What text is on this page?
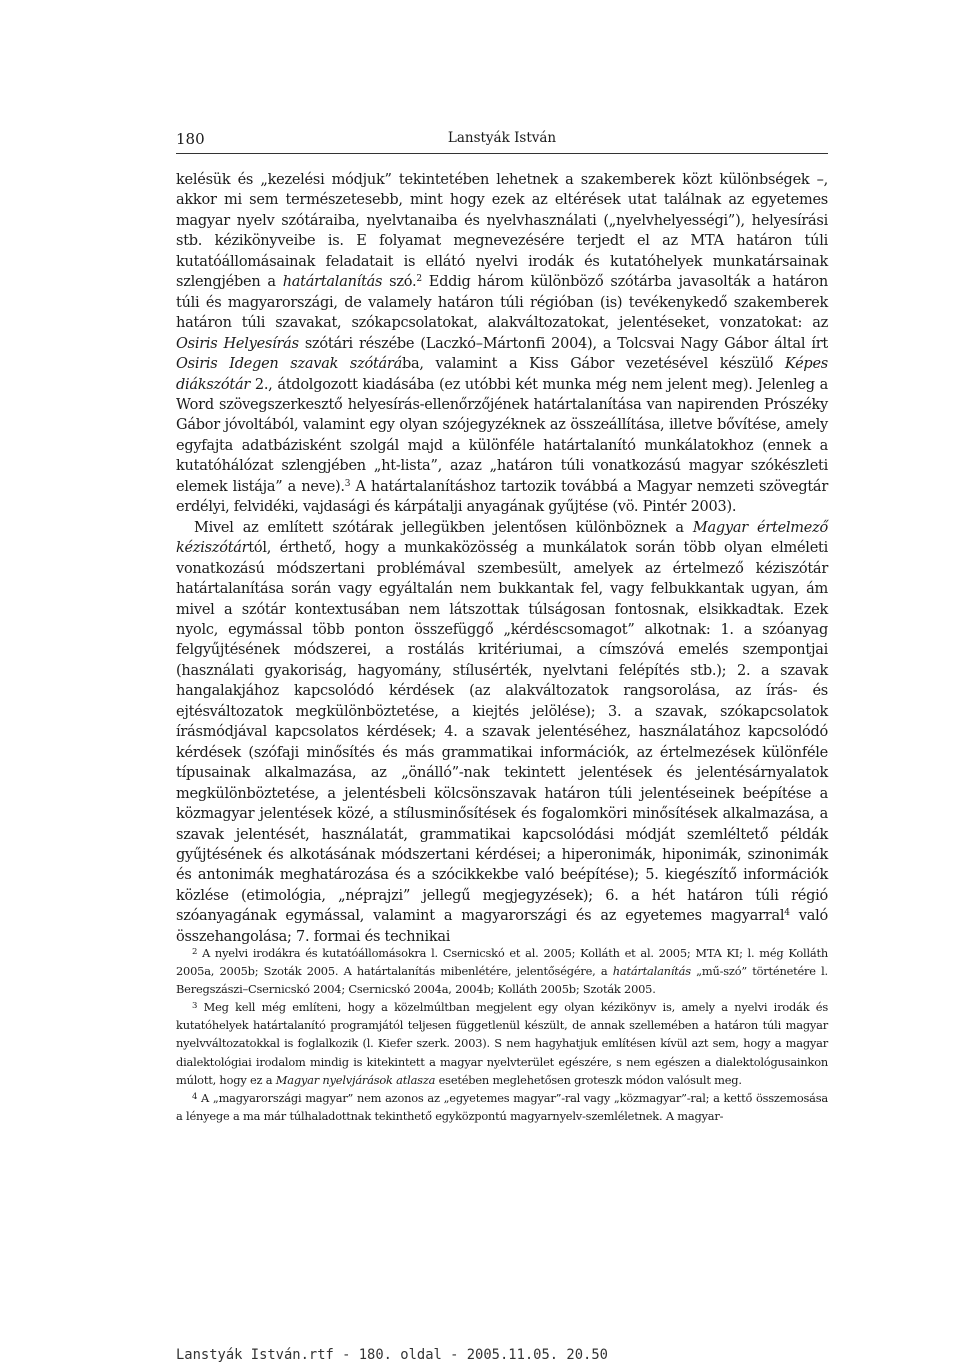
180	Lanstyák István

kelésük és „kezelési módjuk” tekintetében lehetnek a szakemberek közt különbségek –, akkor mi sem természetesebb, mint hogy ezek az eltérések utat találnak az egyetemes magyar nyelv szótáraiba, nyelvtanaiba és nyelvhasználati („nyelvhelyességi”), helyesírási stb. kézikönyveibe is. E folyamat megnevezésére terjedt el az MTA határon túli kutatóállomásainak feladatait is ellátó nyelvi irodák és kutatóhelyek munkatársainak szlengjében a határtalanítás szó.$^2$ Eddig három különböző szótárba javasolták a határon túli és magyarországi, de valamely határon túli régióban (is) tevékenykedő szakemberek határon túli szavakat, szókapcsolatokat, alakváltozatokat, jelentéseket, vonzatokat: az Osiris Helyesírás szótári részébe (Laczkó–Mártonfi 2004), a Tolcsvai Nagy Gábor által írt Osiris Idegen szavak szótárába, valamint a Kiss Gábor vezetésével készülő Képes diákszótár 2., átdolgozott kiadásába (ez utóbbi két munka még nem jelent meg). Jelenleg a Word szövegszerkesztő helyesírás-ellenőrzőjének határtalanítása van napirenden Prószéky Gábor jóvoltából, valamint egy olyan szójegyzéknek az összeállítása, illetve bővítése, amely egyfajta adatbázisként szolgál majd a különféle határtalanító munkálatokhoz (ennek a kutatóhálózat szlengjében „ht-lista”, azaz „határon túli vonatkozású magyar szókészleti elemek listája” a neve).$^3$ A határtalanításhoz tartozik továbbá a Magyar nemzeti szövegtár erdélyi, felvidéki, vajdasági és kárpátalji anyagának gyűjtése (vö. Pintér 2003).

Mivel az említett szótárak jellegükben jelentősen különböznek a Magyar értelmező kéziszótártól, érthető, hogy a munkaközösség a munkálatok során több olyan elméleti vonatkozású módszertani problémával szembesült, amelyek az értelmező kéziszótár határtalanítása során vagy egyáltalán nem bukkantak fel, vagy felbukkantak ugyan, ám mivel a szótár kontextusában nem látszottak túlságosan fontosnak, elsikkadtak. Ezek nyolc, egymással több ponton összefüggő „kérdéscsomagot” alkotnak: 1. a szóanyag felgyűjtésének módszerei, a rostálás kritériumai, a címszóvá emelés szempontjai (használati gyakoriság, hagyomány, stílusérték, nyelvtani felépítés stb.); 2. a szavak hangalakjához kapcsolódó kérdések (az alakváltozatok rangsorolása, az írás- és ejtésváltozatok megkülönböztetése, a kiejtés jelölése); 3. a szavak, szókapcsolatok írásmódjával kapcsolatos kérdések; 4. a szavak jelentéséhez, használatához kapcsolódó kérdések (szófaji minősítés és más grammatikai információk, az értelmezések különféle típusainak alkalmazása, az „önálló”-nak tekintett jelentések és jelentésárnyalatok megkülönböztetése, a jelentésbeli kölcsönszavak határon túli jelentéseinek beépítése a közmagyar jelentések közé, a stílusminősítések és fogalomköri minősítések alkalmazása, a szavak jelentését, használatát, grammatikai kapcsolódási módját szemléltető példák gyűjtésének és alkotásának módszertani kérdései; a hiperonimák, hiponimák, szinonimák és antonimák meghatározása és a szócikkekbe való beépítése); 5. kiegészítő információk közlése (etimológia, „néprajzi” jellegű megjegyzések); 6. a hét határon túli régió szóanyagának egymással, valamint a magyarországi és az egyetemes magyarral$^4$ való összehangolása; 7. formai és technikai

$^2$ A nyelvi irodákra és kutatóállomásokra l. Csernicskó et al. 2005; Kolláth et al. 2005; MTA KI; l. még Kolláth 2005a, 2005b; Szoták 2005. A határtalanítás mibenlétére, jelentőségére, a határtalanítás „mű-szó” történetére l. Beregszászi–Csernicskó 2004; Csernicskó 2004a, 2004b; Kolláth 2005b; Szoták 2005.

$^3$ Meg kell még említeni, hogy a közelmúltban megjelent egy olyan kézikönyv is, amely a nyelvi irodák és kutatóhelyek határtalanító programjától teljesen függetlenül készült, de annak szellemében a határon túli magyar nyelvváltozatokkal is foglalkozik (l. Kiefer szerk. 2003). S nem hagyhatjuk említésen kívül azt sem, hogy a magyar dialektológiai irodalom mindig is kitekintett a magyar nyelvterület egészére, s nem egészen a dialektológusainkon múlott, hogy ez a Magyar nyelvjárások atlasza esetében meglehetősen groteszk módon valósult meg.

$^4$ A „magyarországi magyar” nem azonos az „egyetemes magyar”-ral vagy „közmagyar”-ral; a kettő összemosása a lényege a ma már túlhaladottnak tekinthető egyközpontú magyarnyelv-szemléletnek. A magyar-

Lanstyák István.rtf - 180. oldal - 2005.11.05. 20.50
